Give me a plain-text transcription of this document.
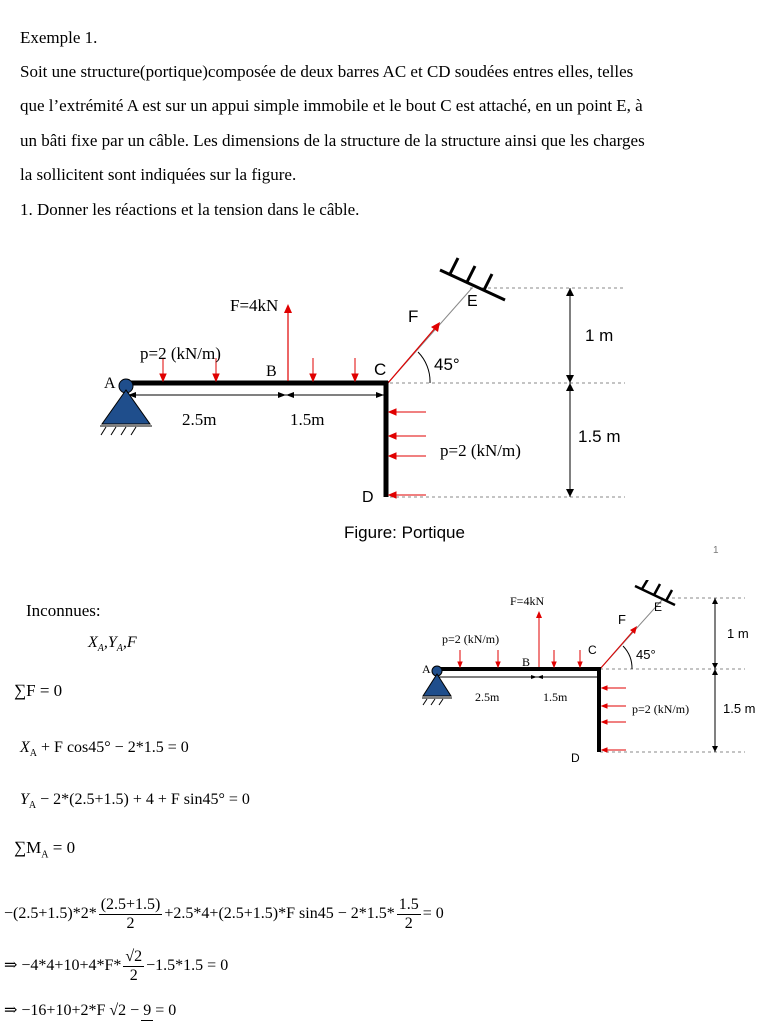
Exemple 1.
Soit une structure(portique)composée de deux barres AC et CD soudées entres elles, telles
que l’extrémité A est sur un appui simple immobile et le bout C est attaché, en un point E, à
un bâti fixe par un câble. Les dimensions de la structure de la structure ainsi que les charges
la sollicitent sont indiquées sur la figure.
1. Donner les réactions et la tension dans le câble.
F=4kN
p=2 (kN/m)
A
B	C
D
E
F
45°
2.5m	1.5m
1 m
1.5 m
p=2 (kN/m)
Figure: Portique
1
F=4kN
p=2 (kN/m)
A	B
C
D
E
F
45°
2.5m	1.5m
1 m
1.5 m
p=2 (kN/m)
Inconnues:
$X_A,Y_A,F$
∑F = 0
$X_A + F$ cos45° − 2*1.5 = 0
$Y_A - 2*(2.5+1.5) + 4 + F$ sin45° = 0
$\sum M_A = 0$
$-(2.5+1.5)*2* \frac{(2.5+1.5)}{2} +2.5*4+(2.5+1.5)*F$ $\sin 45 - 2*1.5* \frac{1.5}{2} = 0$
⇒ $-4*4+10+4*F* \frac{√2}{2} -1.5*1.5 = 0$
⇒ −16+10+2*F √2 − 9 = 0
